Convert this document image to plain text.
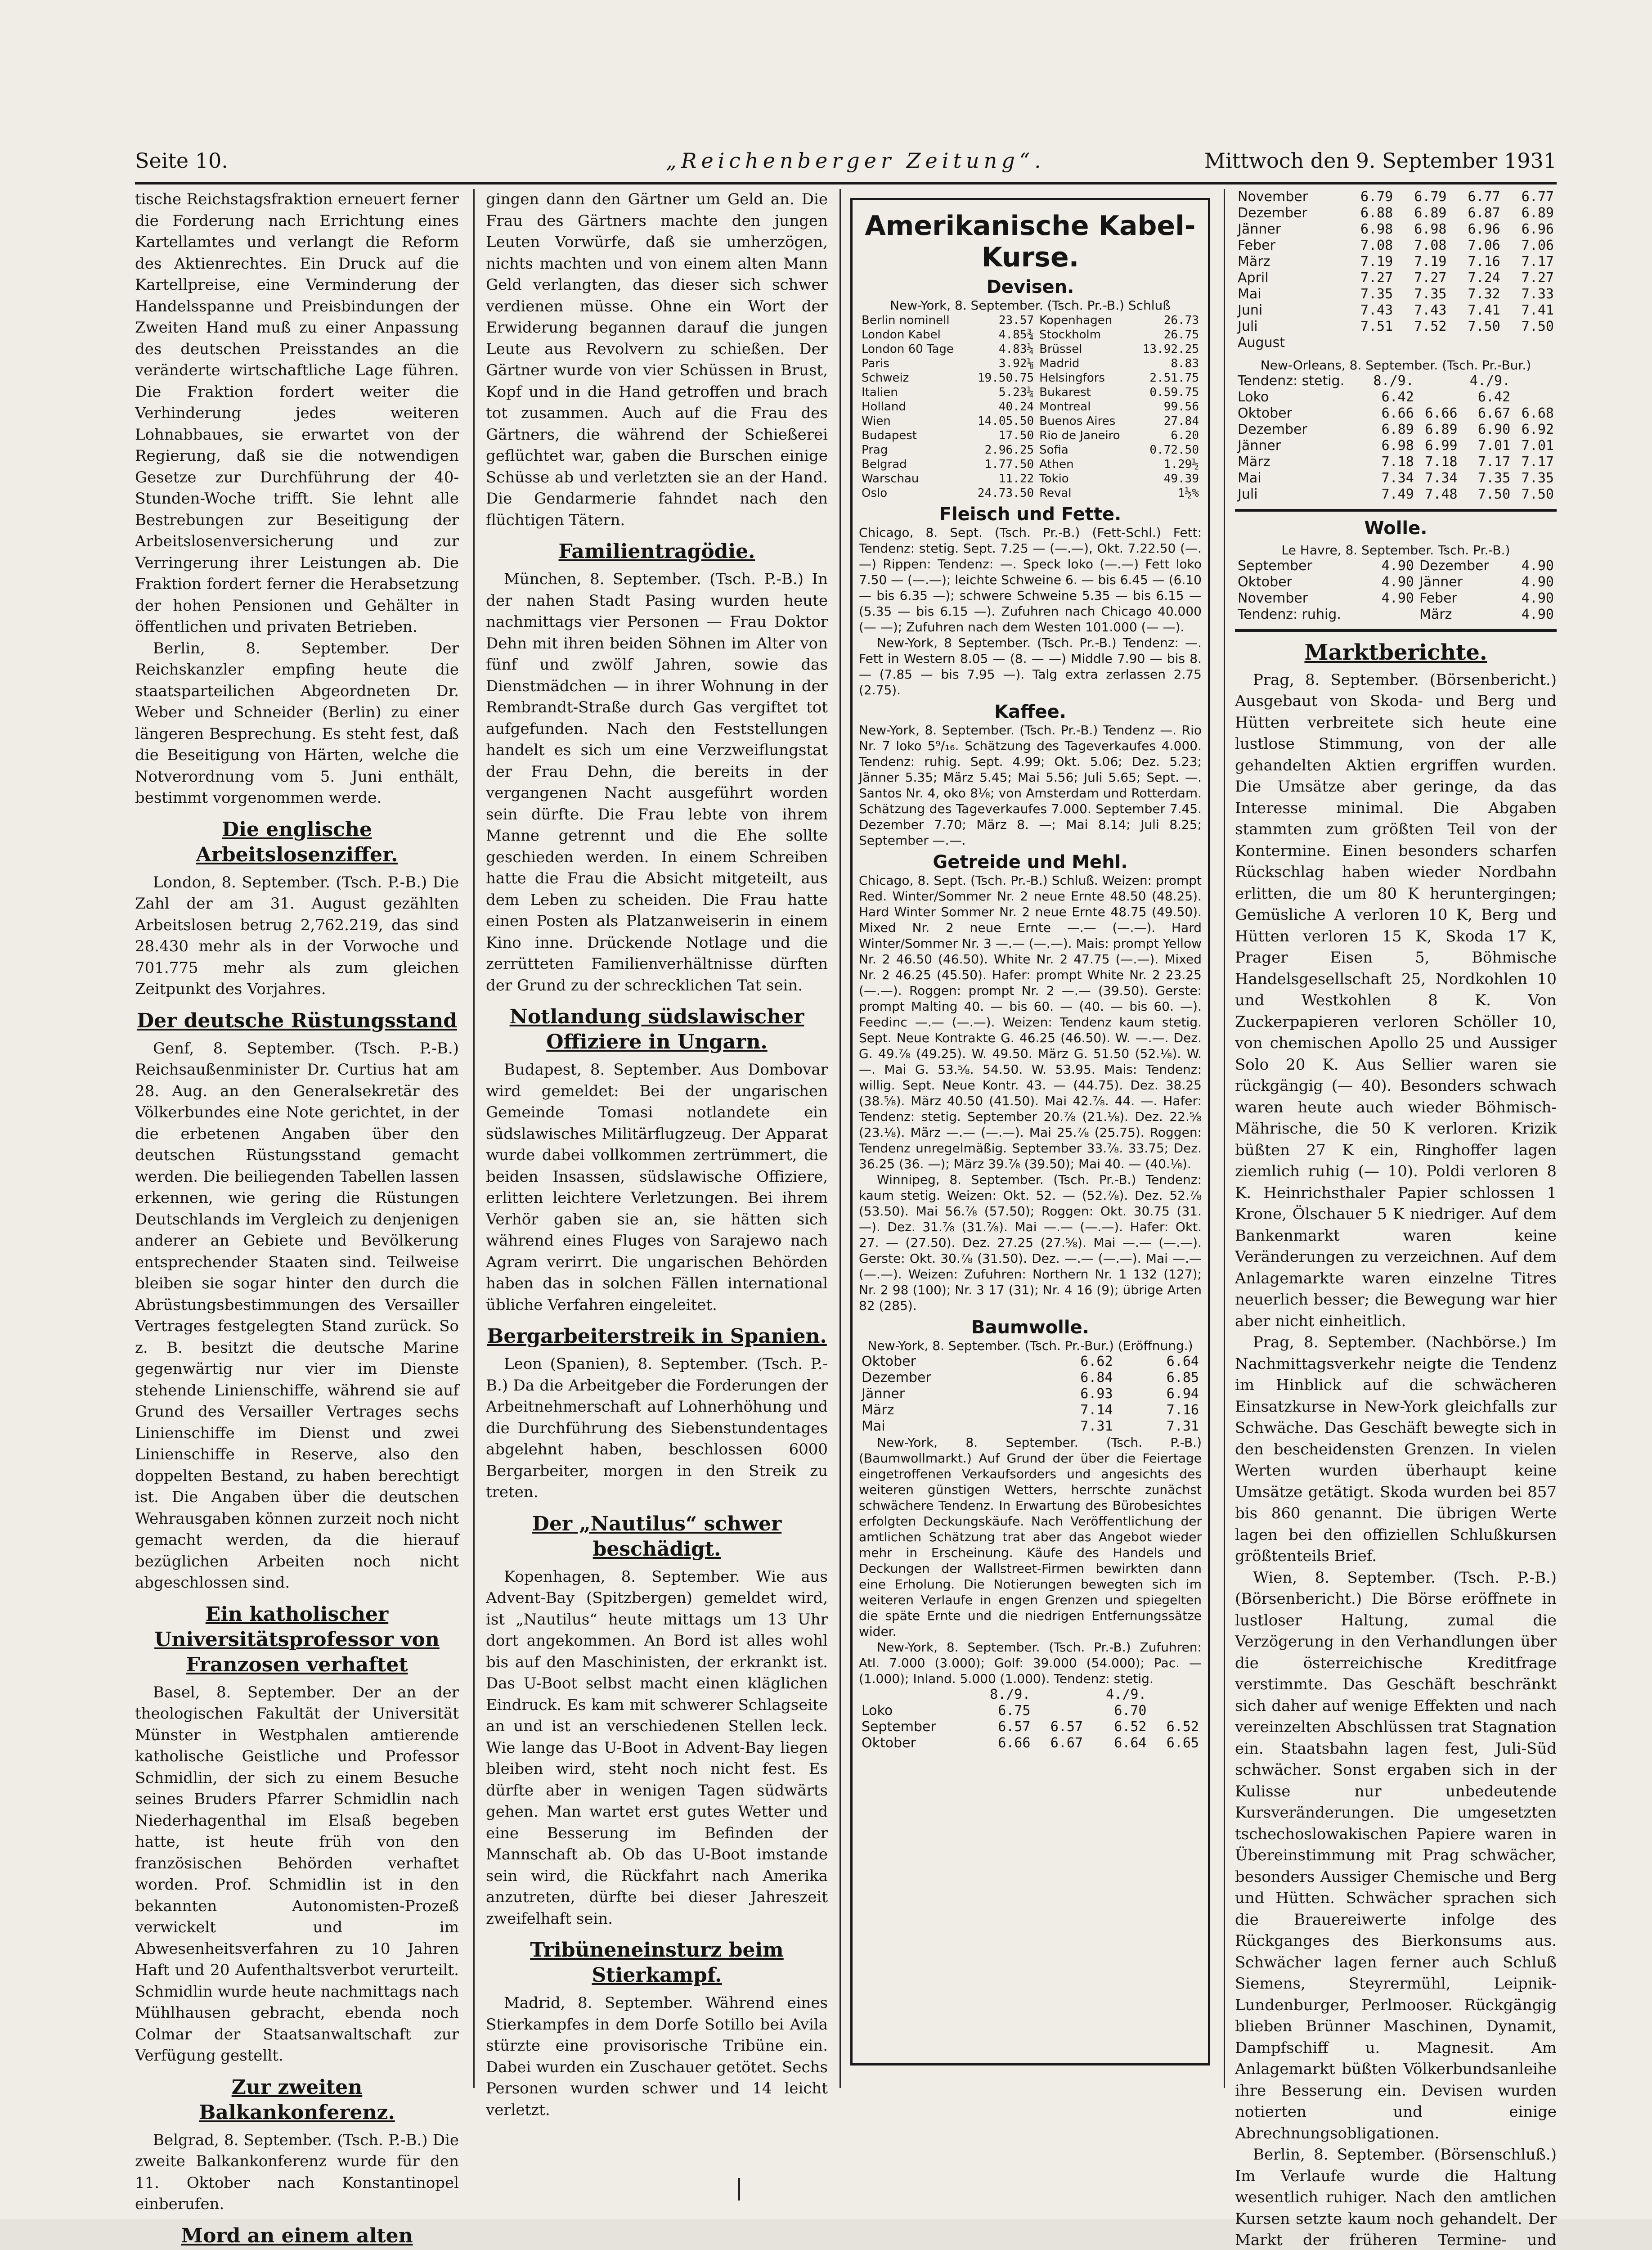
Seite 10.	„Reichenberger Zeitung“.	Mittwoch den 9. September 1931

tische Reichstagsfraktion erneuert ferner die Forderung nach Errichtung eines Kartellamtes und verlangt die Reform des Aktienrechtes. Ein Druck auf die Kartellpreise, eine Verminderung der Handelsspanne und Preisbindungen der Zweiten Hand muß zu einer Anpassung des deutschen Preisstandes an die veränderte wirtschaftliche Lage führen. Die Fraktion fordert weiter die Verhinderung jedes weiteren Lohnabbaues, sie erwartet von der Regierung, daß sie die notwendigen Gesetze zur Durchführung der 40-Stunden-Woche trifft. Sie lehnt alle Bestrebungen zur Beseitigung der Arbeitslosenversicherung und zur Verringerung ihrer Leistungen ab. Die Fraktion fordert ferner die Herabsetzung der hohen Pensionen und Gehälter in öffentlichen und privaten Betrieben.

Berlin, 8. September. Der Reichskanzler empfing heute die staatsparteilichen Abgeordneten Dr. Weber und Schneider (Berlin) zu einer längeren Besprechung. Es steht fest, daß die Beseitigung von Härten, welche die Notverordnung vom 5. Juni enthält, bestimmt vorgenommen werde.

Die englische Arbeitslosenziffer.

London, 8. September. (Tsch. P.-B.) Die Zahl der am 31. August gezählten Arbeitslosen betrug 2,762.219, das sind 28.430 mehr als in der Vorwoche und 701.775 mehr als zum gleichen Zeitpunkt des Vorjahres.

Der deutsche Rüstungsstand

Genf, 8. September. (Tsch. P.-B.) Reichsaußenminister Dr. Curtius hat am 28. Aug. an den Generalsekretär des Völkerbundes eine Note gerichtet, in der die erbetenen Angaben über den deutschen Rüstungsstand gemacht werden. Die beiliegenden Tabellen lassen erkennen, wie gering die Rüstungen Deutschlands im Vergleich zu denjenigen anderer an Gebiete und Bevölkerung entsprechender Staaten sind. Teilweise bleiben sie sogar hinter den durch die Abrüstungsbestimmungen des Versailler Vertrages festgelegten Stand zurück. So z. B. besitzt die deutsche Marine gegenwärtig nur vier im Dienste stehende Linienschiffe, während sie auf Grund des Versailler Vertrages sechs Linienschiffe im Dienst und zwei Linienschiffe in Reserve, also den doppelten Bestand, zu haben berechtigt ist. Die Angaben über die deutschen Wehrausgaben können zurzeit noch nicht gemacht werden, da die hierauf bezüglichen Arbeiten noch nicht abgeschlossen sind.

Ein katholischer Universitätsprofessor von Franzosen verhaftet

Basel, 8. September. Der an der theologischen Fakultät der Universität Münster in Westphalen amtierende katholische Geistliche und Professor Schmidlin, der sich zu einem Besuche seines Bruders Pfarrer Schmidlin nach Niederhagenthal im Elsaß begeben hatte, ist heute früh von den französischen Behörden verhaftet worden. Prof. Schmidlin ist in den bekannten Autonomisten-Prozeß verwickelt und im Abwesenheitsverfahren zu 10 Jahren Haft und 20 Aufenthaltsverbot verurteilt. Schmidlin wurde heute nachmittags nach Mühlhausen gebracht, ebenda noch Colmar der Staatsanwaltschaft zur Verfügung gestellt.

Zur zweiten Balkankonferenz.

Belgrad, 8. September. (Tsch. P.-B.) Die zweite Balkankonferenz wurde für den 11. Oktober nach Konstantinopel einberufen.

Mord an einem alten

gingen dann den Gärtner um Geld an. Die Frau des Gärtners machte den jungen Leuten Vorwürfe, daß sie umherzögen, nichts machten und von einem alten Mann Geld verlangten, das dieser sich schwer verdienen müsse. Ohne ein Wort der Erwiderung begannen darauf die jungen Leute aus Revolvern zu schießen. Der Gärtner wurde von vier Schüssen in Brust, Kopf und in die Hand getroffen und brach tot zusammen. Auch auf die Frau des Gärtners, die während der Schießerei geflüchtet war, gaben die Burschen einige Schüsse ab und verletzten sie an der Hand. Die Gendarmerie fahndet nach den flüchtigen Tätern.

Familientragödie.

München, 8. September. (Tsch. P.-B.) In der nahen Stadt Pasing wurden heute nachmittags vier Personen — Frau Doktor Dehn mit ihren beiden Söhnen im Alter von fünf und zwölf Jahren, sowie das Dienstmädchen — in ihrer Wohnung in der Rembrandt-Straße durch Gas vergiftet tot aufgefunden. Nach den Feststellungen handelt es sich um eine Verzweiflungstat der Frau Dehn, die bereits in der vergangenen Nacht ausgeführt worden sein dürfte. Die Frau lebte von ihrem Manne getrennt und die Ehe sollte geschieden werden. In einem Schreiben hatte die Frau die Absicht mitgeteilt, aus dem Leben zu scheiden. Die Frau hatte einen Posten als Platzanweiserin in einem Kino inne. Drückende Notlage und die zerrütteten Familienverhältnisse dürften der Grund zu der schrecklichen Tat sein.

Notlandung südslawischer Offiziere in Ungarn.

Budapest, 8. September. Aus Dombovar wird gemeldet: Bei der ungarischen Gemeinde Tomasi notlandete ein südslawisches Militärflugzeug. Der Apparat wurde dabei vollkommen zertrümmert, die beiden Insassen, südslawische Offiziere, erlitten leichtere Verletzungen. Bei ihrem Verhör gaben sie an, sie hätten sich während eines Fluges von Sarajewo nach Agram verirrt. Die ungarischen Behörden haben das in solchen Fällen international übliche Verfahren eingeleitet.

Bergarbeiterstreik in Spanien.

Leon (Spanien), 8. September. (Tsch. P.-B.) Da die Arbeitgeber die Forderungen der Arbeitnehmerschaft auf Lohnerhöhung und die Durchführung des Siebenstundentages abgelehnt haben, beschlossen 6000 Bergarbeiter, morgen in den Streik zu treten.

Der „Nautilus“ schwer beschädigt.

Kopenhagen, 8. September. Wie aus Advent-Bay (Spitzbergen) gemeldet wird, ist „Nautilus“ heute mittags um 13 Uhr dort angekommen. An Bord ist alles wohl bis auf den Maschinisten, der erkrankt ist. Das U-Boot selbst macht einen kläglichen Eindruck. Es kam mit schwerer Schlagseite an und ist an verschiedenen Stellen leck. Wie lange das U-Boot in Advent-Bay liegen bleiben wird, steht noch nicht fest. Es dürfte aber in wenigen Tagen südwärts gehen. Man wartet erst gutes Wetter und eine Besserung im Befinden der Mannschaft ab. Ob das U-Boot imstande sein wird, die Rückfahrt nach Amerika anzutreten, dürfte bei dieser Jahreszeit zweifelhaft sein.

Tribüneneinsturz beim Stierkampf.

Madrid, 8. September. Während eines Stierkampfes in dem Dorfe Sotillo bei Avila stürzte eine provisorische Tribüne ein. Dabei wurden ein Zuschauer getötet. Sechs Personen wurden schwer und 14 leicht verletzt.

Amerikanische Kabel-Kurse.
Devisen.
New-York, 8. September. (Tsch. Pr.-B.) Schluß
Berlin nominell	23.57	Kopenhagen	26.73
London Kabel	4.85¾	Stockholm	26.75
London 60 Tage	4.83¼	Brüssel	13.92.25
Paris	3.92⅛	Madrid	8.83
Schweiz	19.50.75	Helsingfors	2.51.75
Italien	5.23¼	Bukarest	0.59.75
Holland	40.24	Montreal	99.56
Wien	14.05.50	Buenos Aires	27.84
Budapest	17.50	Rio de Janeiro	6.20
Prag	2.96.25	Sofia	0.72.50
Belgrad	1.77.50	Athen	1.29½
Warschau	11.22	Tokio	49.39
Oslo	24.73.50	Reval	1½%
Fleisch und Fette.

Chicago, 8. Sept. (Tsch. Pr.-B.) (Fett-Schl.) Fett: Tendenz: stetig. Sept. 7.25 — (—.—), Okt. 7.22.50 (—.—) Rippen: Tendenz: —. Speck loko (—.—) Fett loko 7.50 — (—.—); leichte Schweine 6. — bis 6.45 — (6.10 — bis 6.35 —); schwere Schweine 5.35 — bis 6.15 — (5.35 — bis 6.15 —). Zufuhren nach Chicago 40.000 (— —); Zufuhren nach dem Westen 101.000 (— —).

New-York, 8 September. (Tsch. Pr.-B.) Tendenz: —. Fett in Western 8.05 — (8. — —) Middle 7.90 — bis 8. — (7.85 — bis 7.95 —). Talg extra zerlassen 2.75 (2.75).

Kaffee.

New-York, 8. September. (Tsch. Pr.-B.) Tendenz —. Rio Nr. 7 loko 5⁹/₁₆. Schätzung des Tageverkaufes 4.000. Tendenz: ruhig. Sept. 4.99; Okt. 5.06; Dez. 5.23; Jänner 5.35; März 5.45; Mai 5.56; Juli 5.65; Sept. —. Santos Nr. 4, oko 8⅛; von Amsterdam und Rotterdam. Schätzung des Tageverkaufes 7.000. September 7.45. Dezember 7.70; März 8. —; Mai 8.14; Juli 8.25; September —.—.

Getreide und Mehl.

Chicago, 8. Sept. (Tsch. Pr.-B.) Schluß. Weizen: prompt Red. Winter/Sommer Nr. 2 neue Ernte 48.50 (48.25). Hard Winter Sommer Nr. 2 neue Ernte 48.75 (49.50). Mixed Nr. 2 neue Ernte —.— (—.—). Hard Winter/Sommer Nr. 3 —.— (—.—). Mais: prompt Yellow Nr. 2 46.50 (46.50). White Nr. 2 47.75 (—.—). Mixed Nr. 2 46.25 (45.50). Hafer: prompt White Nr. 2 23.25 (—.—). Roggen: prompt Nr. 2 —.— (39.50). Gerste: prompt Malting 40. — bis 60. — (40. — bis 60. —). Feedinc —.— (—.—). Weizen: Tendenz kaum stetig. Sept. Neue Kontrakte G. 46.25 (46.50). W. —.—. Dez. G. 49.⅞ (49.25). W. 49.50. März G. 51.50 (52.⅛). W. —. Mai G. 53.⅝. 54.50. W. 53.95. Mais: Tendenz: willig. Sept. Neue Kontr. 43. — (44.75). Dez. 38.25 (38.⅝). März 40.50 (41.50). Mai 42.⅞. 44. —. Hafer: Tendenz: stetig. September 20.⅞ (21.⅛). Dez. 22.⅝ (23.⅛). März —.— (—.—). Mai 25.⅞ (25.75). Roggen: Tendenz unregelmäßig. September 33.⅞. 33.75; Dez. 36.25 (36. —); März 39.⅞ (39.50); Mai 40. — (40.⅛).

Winnipeg, 8. September. (Tsch. Pr.-B.) Tendenz: kaum stetig. Weizen: Okt. 52. — (52.⅞). Dez. 52.⅞ (53.50). Mai 56.⅞ (57.50); Roggen: Okt. 30.75 (31. —). Dez. 31.⅞ (31.⅞). Mai —.— (—.—). Hafer: Okt. 27. — (27.50). Dez. 27.25 (27.⅝). Mai —.— (—.—). Gerste: Okt. 30.⅞ (31.50). Dez. —.— (—.—). Mai —.— (—.—). Weizen: Zufuhren: Northern Nr. 1 132 (127); Nr. 2 98 (100); Nr. 3 17 (31); Nr. 4 16 (9); übrige Arten 82 (285).

Baumwolle.
New-York, 8. September. (Tsch. Pr.-Bur.) (Eröffnung.)
Oktober	6.62	6.64
Dezember	6.84	6.85
Jänner	6.93	6.94
März	7.14	7.16
Mai	7.31	7.31

New-York, 8. September. (Tsch. P.-B.) (Baumwollmarkt.) Auf Grund der über die Feiertage eingetroffenen Verkaufsorders und angesichts des weiteren günstigen Wetters, herrschte zunächst schwächere Tendenz. In Erwartung des Bürobesichtes erfolgten Deckungskäufe. Nach Veröffentlichung der amtlichen Schätzung trat aber das Angebot wieder mehr in Erscheinung. Käufe des Handels und Deckungen der Wallstreet-Firmen bewirkten dann eine Erholung. Die Notierungen bewegten sich im weiteren Verlaufe in engen Grenzen und spiegelten die späte Ernte und die niedrigen Entfernungssätze wider.

New-York, 8. September. (Tsch. Pr.-B.) Zufuhren: Atl. 7.000 (3.000); Golf: 39.000 (54.000); Pac. — (1.000); Inland. 5.000 (1.000). Tendenz: stetig.

	8./9.		4./9.	
Loko	6.75		6.70	
September	6.57	6.57	6.52	6.52
Oktober	6.66	6.67	6.64	6.65
November	6.79	6.79	6.77	6.77
Dezember	6.88	6.89	6.87	6.89
Jänner	6.98	6.98	6.96	6.96
Feber	7.08	7.08	7.06	7.06
März	7.19	7.19	7.16	7.17
April	7.27	7.27	7.24	7.27
Mai	7.35	7.35	7.32	7.33
Juni	7.43	7.43	7.41	7.41
Juli	7.51	7.52	7.50	7.50
August				
New-Orleans, 8. September. (Tsch. Pr.-Bur.)
Tendenz: stetig.	8./9.		4./9.	
Loko	6.42		6.42	
Oktober	6.66	6.66	6.67	6.68
Dezember	6.89	6.89	6.90	6.92
Jänner	6.98	6.99	7.01	7.01
März	7.18	7.18	7.17	7.17
Mai	7.34	7.34	7.35	7.35
Juli	7.49	7.48	7.50	7.50
Wolle.
Le Havre, 8. September. Tsch. Pr.-B.)
September	4.90	Dezember	4.90
Oktober	4.90	Jänner	4.90
November	4.90	Feber	4.90
Tendenz: ruhig.		März	4.90
Marktberichte.

Prag, 8. September. (Börsenbericht.) Ausgebaut von Skoda- und Berg und Hütten verbreitete sich heute eine lustlose Stimmung, von der alle gehandelten Aktien ergriffen wurden. Die Umsätze aber geringe, da das Interesse minimal. Die Abgaben stammten zum größten Teil von der Kontermine. Einen besonders scharfen Rückschlag haben wieder Nordbahn erlitten, die um 80 K heruntergingen; Gemüsliche A verloren 10 K, Berg und Hütten verloren 15 K, Skoda 17 K, Prager Eisen 5, Böhmische Handelsgesellschaft 25, Nordkohlen 10 und Westkohlen 8 K. Von Zuckerpapieren verloren Schöller 10, von chemischen Apollo 25 und Aussiger Solo 20 K. Aus Sellier waren sie rückgängig (— 40). Besonders schwach waren heute auch wieder Böhmisch-Mährische, die 50 K verloren. Krizik büßten 27 K ein, Ringhoffer lagen ziemlich ruhig (— 10). Poldi verloren 8 K. Heinrichsthaler Papier schlossen 1 Krone, Ölschauer 5 K niedriger. Auf dem Bankenmarkt waren keine Veränderungen zu verzeichnen. Auf dem Anlagemarkte waren einzelne Titres neuerlich besser; die Bewegung war hier aber nicht einheitlich.

Prag, 8. September. (Nachbörse.) Im Nachmittagsverkehr neigte die Tendenz im Hinblick auf die schwächeren Einsatzkurse in New-York gleichfalls zur Schwäche. Das Geschäft bewegte sich in den bescheidensten Grenzen. In vielen Werten wurden überhaupt keine Umsätze getätigt. Skoda wurden bei 857 bis 860 genannt. Die übrigen Werte lagen bei den offiziellen Schlußkursen größtenteils Brief.

Wien, 8. September. (Tsch. P.-B.) (Börsenbericht.) Die Börse eröffnete in lustloser Haltung, zumal die Verzögerung in den Verhandlungen über die österreichische Kreditfrage verstimmte. Das Geschäft beschränkt sich daher auf wenige Effekten und nach vereinzelten Abschlüssen trat Stagnation ein. Staatsbahn lagen fest, Juli-Süd schwächer. Sonst ergaben sich in der Kulisse nur unbedeutende Kursveränderungen. Die umgesetzten tschechoslowakischen Papiere waren in Übereinstimmung mit Prag schwächer, besonders Aussiger Chemische und Berg und Hütten. Schwächer sprachen sich die Brauereiwerte infolge des Rückganges des Bierkonsums aus. Schwächer lagen ferner auch Schluß Siemens, Steyrermühl, Leipnik-Lundenburger, Perlmooser. Rückgängig blieben Brünner Maschinen, Dynamit, Dampfschiff u. Magnesit. Am Anlagemarkt büßten Völkerbundsanleihe ihre Besserung ein. Devisen wurden notierten und einige Abrechnungsobligationen.

Berlin, 8. September. (Börsenschluß.) Im Verlaufe wurde die Haltung wesentlich ruhiger. Nach den amtlichen Kursen setzte kaum noch gehandelt. Der Markt der früheren Termine- und
